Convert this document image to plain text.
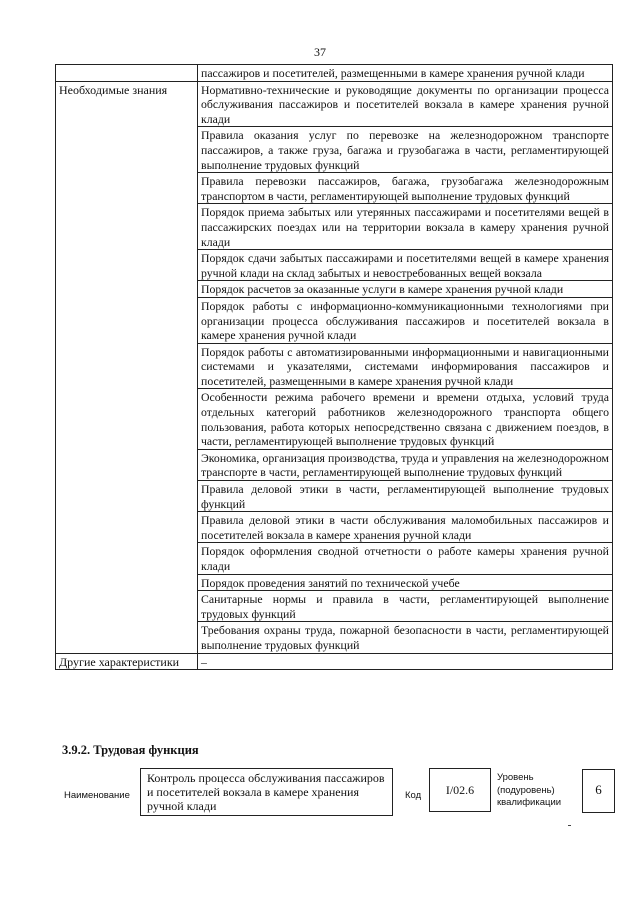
37
	пассажиров и посетителей, размещенными в камере хранения ручной клади
Необходимые знания	Нормативно-технические и руководящие документы по организации процесса обслуживания пассажиров и посетителей вокзала в камере хранения ручной клади
	Правила оказания услуг по перевозке на железнодорожном транспорте пассажиров, а также груза, багажа и грузобагажа в части, регламентирующей выполнение трудовых функций
	Правила перевозки пассажиров, багажа, грузобагажа железнодорожным транспортом в части, регламентирующей выполнение трудовых функций
	Порядок приема забытых или утерянных пассажирами и посетителями вещей в пассажирских поездах или на территории вокзала в камеру хранения ручной клади
	Порядок сдачи забытых пассажирами и посетителями вещей в камере хранения ручной клади на склад забытых и невостребованных вещей вокзала
	Порядок расчетов за оказанные услуги в камере хранения ручной клади
	Порядок работы с информационно-коммуникационными технологиями при организации процесса обслуживания пассажиров и посетителей вокзала в камере хранения ручной клади
	Порядок работы с автоматизированными информационными и навигационными системами и указателями, системами информирования пассажиров и посетителей, размещенными в камере хранения ручной клади
	Особенности режима рабочего времени и времени отдыха, условий труда отдельных категорий работников железнодорожного транспорта общего пользования, работа которых непосредственно связана с движением поездов, в части, регламентирующей выполнение трудовых функций
	Экономика, организация производства, труда и управления на железнодорожном транспорте в части, регламентирующей выполнение трудовых функций
	Правила деловой этики в части, регламентирующей выполнение трудовых функций
	Правила деловой этики в части обслуживания маломобильных пассажиров и посетителей вокзала в камере хранения ручной клади
	Порядок оформления сводной отчетности о работе камеры хранения ручной клади
	Порядок проведения занятий по технической учебе
	Санитарные нормы и правила в части, регламентирующей выполнение трудовых функций
	Требования охраны труда, пожарной безопасности в части, регламентирующей выполнение трудовых функций
Другие характеристики	–
3.9.2. Трудовая функция
Наименование
Контроль процесса обслуживания пассажиров и посетителей вокзала в камере хранения ручной клади
Код	I/02.6
Уровень (подуровень) квалификации
6
